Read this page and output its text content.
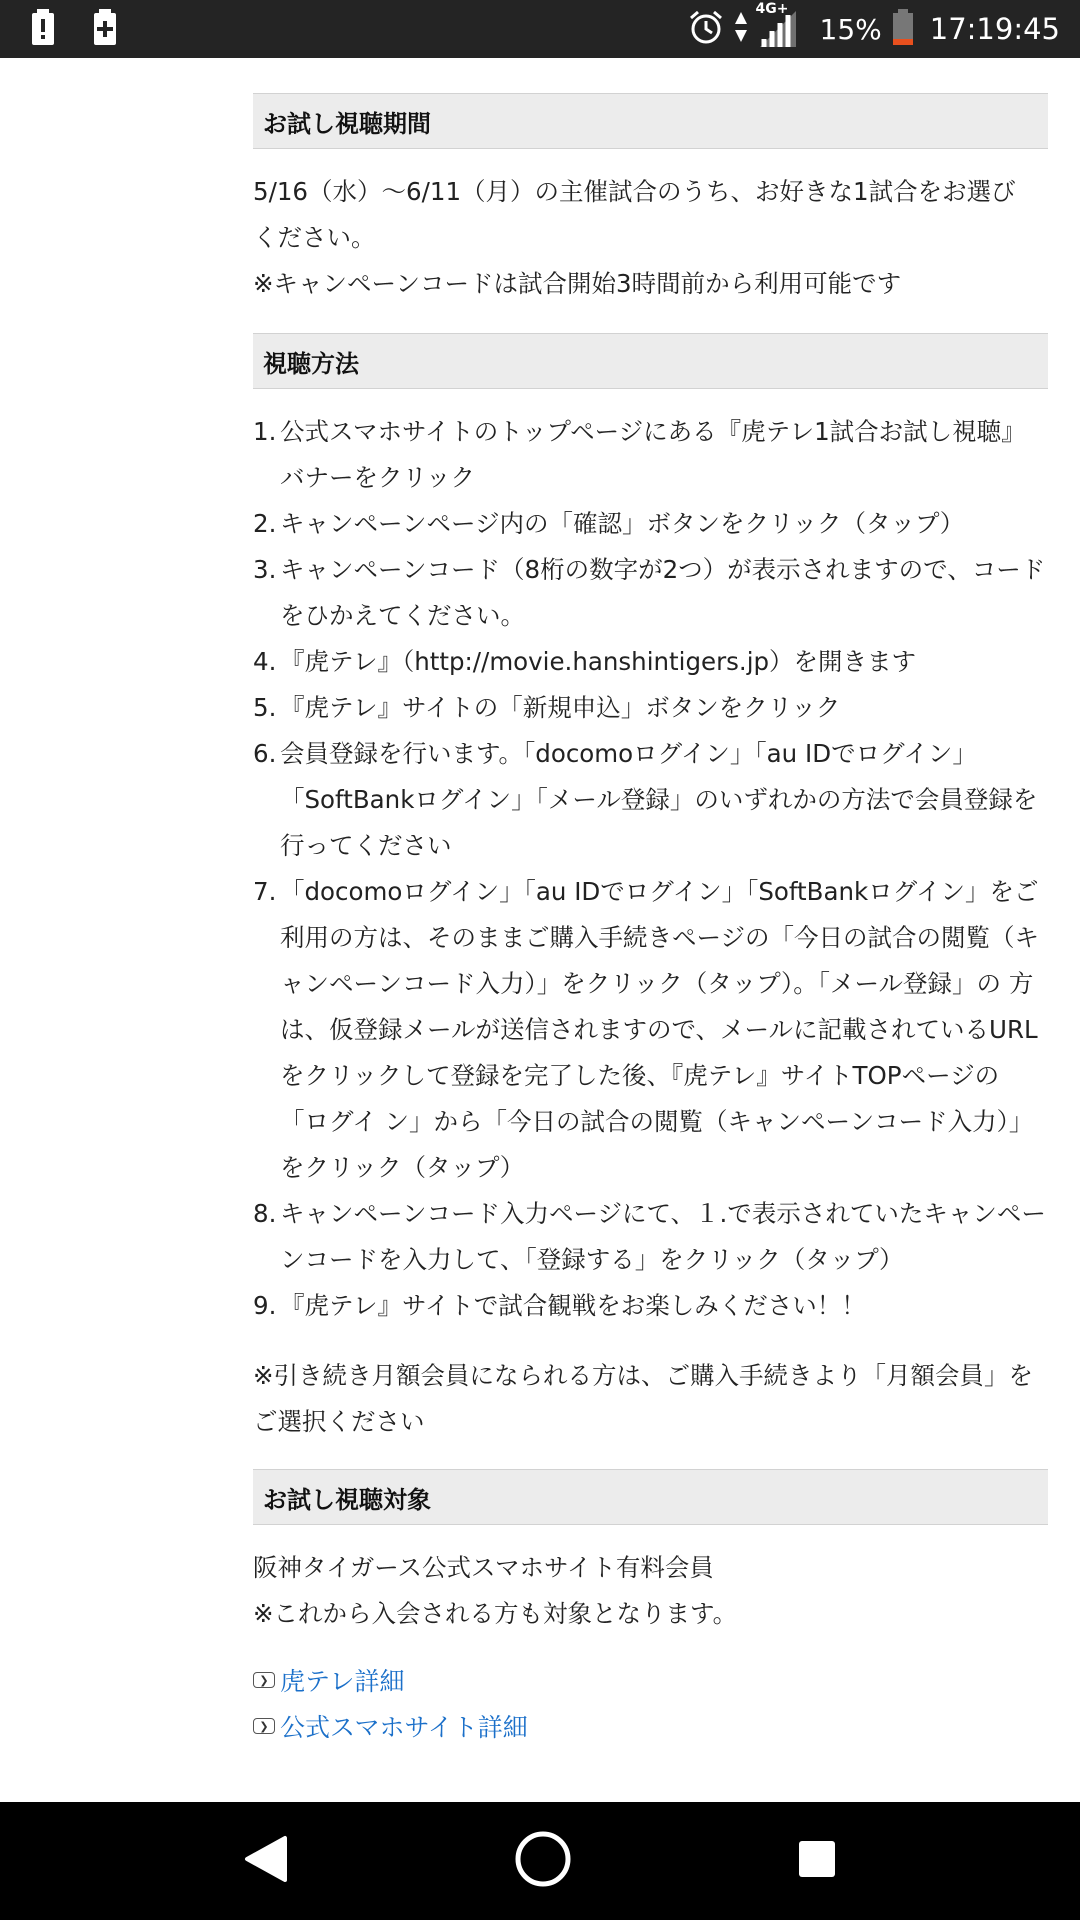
4G+
15% 17:19:45
お試し視聴期間

5/16（水）〜6/11（月）の主催試合のうち、お好きな1試合をお選び

ください。

※キャンペーンコードは試合開始3時間前から利用可能です

視聴方法
1. 公式スマホサイトのトップページにある『虎テレ1試合お試し視聴』バナーをクリック
2. キャンペーンページ内の「確認」ボタンをクリック（タップ）
3. キャンペーンコード（8桁の数字が2つ）が表示されますので、コードをひかえてください。
4. 『虎テレ』（http://movie.hanshintigers.jp）を開きます
5. 『虎テレ』サイトの「新規申込」ボタンをクリック
6. 会員登録を行います。「docomoログイン」「au IDでログイン」「SoftBankログイン」「メール登録」のいずれかの方法で会員登録を行ってください
7. 「docomoログイン」「au IDでログイン」「SoftBankログイン」をご利用の方は、そのままご購入手続きページの「今日の試合の閲覧（キャンペーンコード入力）」をクリック（タップ）。「メール登録」の 方は、仮登録メールが送信されますので、メールに記載されているURLをクリックして登録を完了した後、『虎テレ』サイトTOPページの「ログイ ン」から「今日の試合の閲覧（キャンペーンコード入力）」をクリック（タップ）
8. キャンペーンコード入力ページにて、１.で表示されていたキャンペーンコードを入力して、「登録する」をクリック（タップ）
9. 『虎テレ』サイトで試合観戦をお楽しみください！！
※引き続き月額会員になられる方は、ご購入手続きより「月額会員」をご選択ください
お試し視聴対象

阪神タイガース公式スマホサイト有料会員

※これから入会される方も対象となります。

❯ 虎テレ詳細
❯ 公式スマホサイト詳細
